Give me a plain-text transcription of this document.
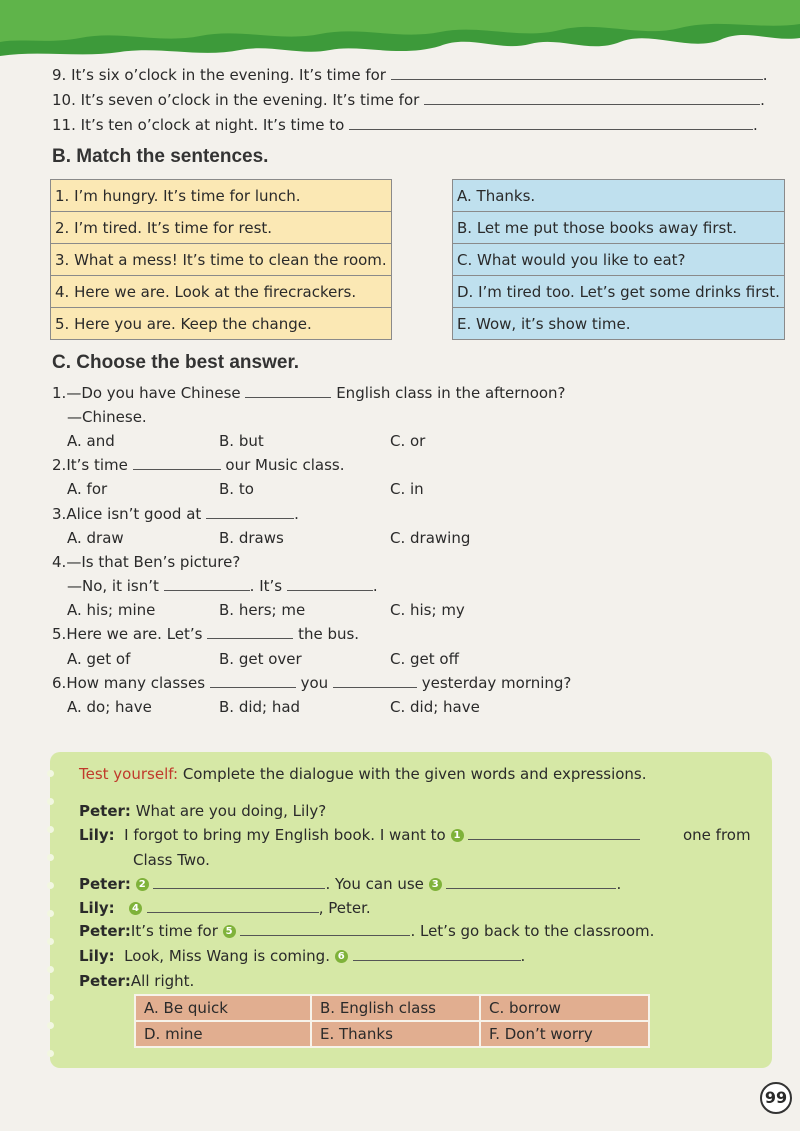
9. It’s six o’clock in the evening. It’s time for	.
10. It’s seven o’clock in the evening. It’s time for	.
11. It’s ten o’clock at night. It’s time to	.
B. Match the sentences.
1. I’m hungry. It’s time for lunch.
2. I’m tired. It’s time for rest.
3. What a mess! It’s time to clean the room.
4. Here we are. Look at the firecrackers.
5. Here you are. Keep the change.
A. Thanks.
B. Let me put those books away first.
C. What would you like to eat?
D. I’m tired too. Let’s get some drinks first.
E. Wow, it’s show time.
C. Choose the best answer.
1.—Do you have Chinese	English class in the afternoon?
—Chinese.
A. and	B. but	C. or
2.It’s time	our Music class.
A. for	B. to	C. in
3.Alice isn’t good at	.
A. draw	B. draws	C. drawing
4.—Is that Ben’s picture?
—No, it isn’t	. It’s	.
A. his; mine	B. hers; me	C. his; my
5.Here we are. Let’s	the bus.
A. get of	B. get over	C. get off
6.How many classes	you	yesterday morning?
A. do; have	B. did; had	C. did; have
Test yourself: Complete the dialogue with the given words and expressions.
Peter: What are you doing, Lily?
Lily: I forgot to bring my English book. I want to 1	one from
Class Two.
Peter: 2	. You can use 3	.
Lily: 4	, Peter.
Peter:It’s time for 5	. Let’s go back to the classroom.
Lily: Look, Miss Wang is coming. 6	.
Peter:All right.
A. Be quick	B. English class	C. borrow
D. mine	E. Thanks	F. Don’t worry
99
